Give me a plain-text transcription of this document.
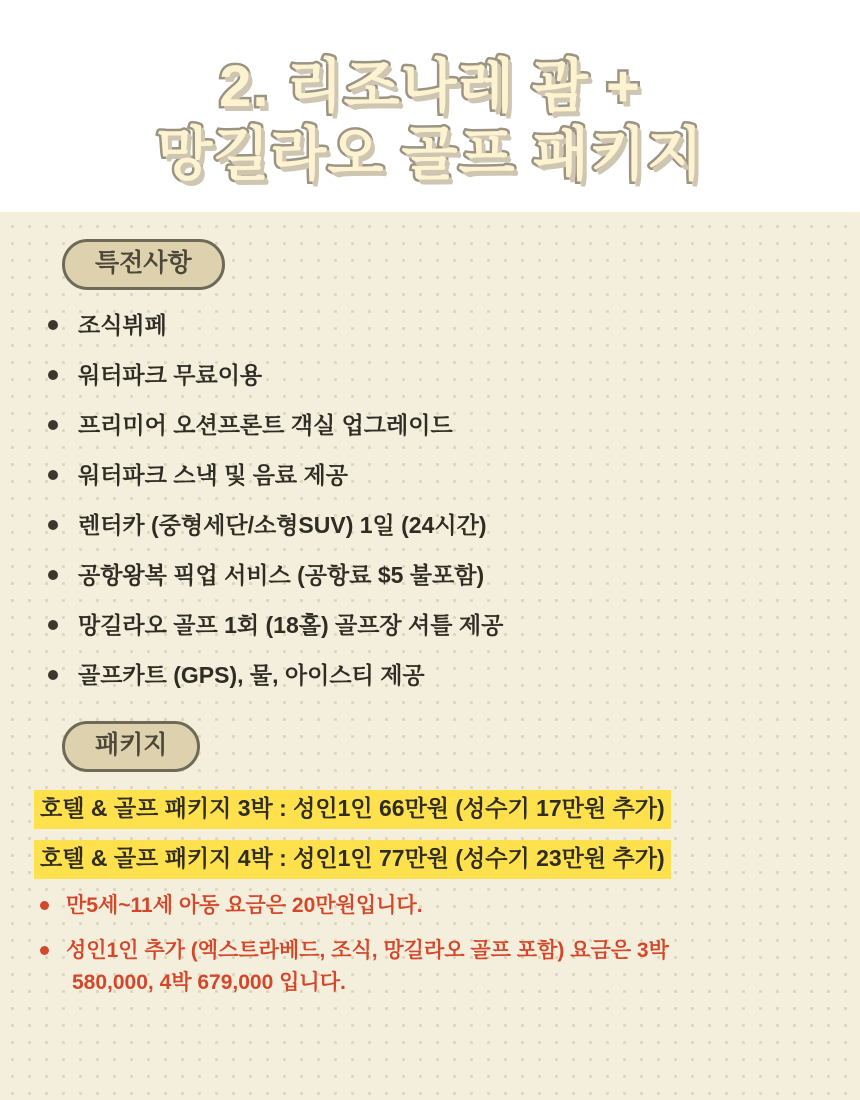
2. 리조나레 괌 +
망길라오 골프 패키지
특전사항
조식뷔페
워터파크 무료이용
프리미어 오션프론트 객실 업그레이드
워터파크 스낵 및 음료 제공
렌터카 (중형세단/소형SUV) 1일 (24시간)
공항왕복 픽업 서비스 (공항료 $5 불포함)
망길라오 골프 1회 (18홀) 골프장 셔틀 제공
골프카트 (GPS), 물, 아이스티 제공
패키지
호텔 & 골프 패키지 3박 : 성인1인 66만원 (성수기 17만원 추가)
호텔 & 골프 패키지 4박 : 성인1인 77만원 (성수기 23만원 추가)
만5세~11세 아동 요금은 20만원입니다.
성인1인 추가 (엑스트라베드, 조식, 망길라오 골프 포함) 요금은 3박
580,000, 4박 679,000 입니다.
